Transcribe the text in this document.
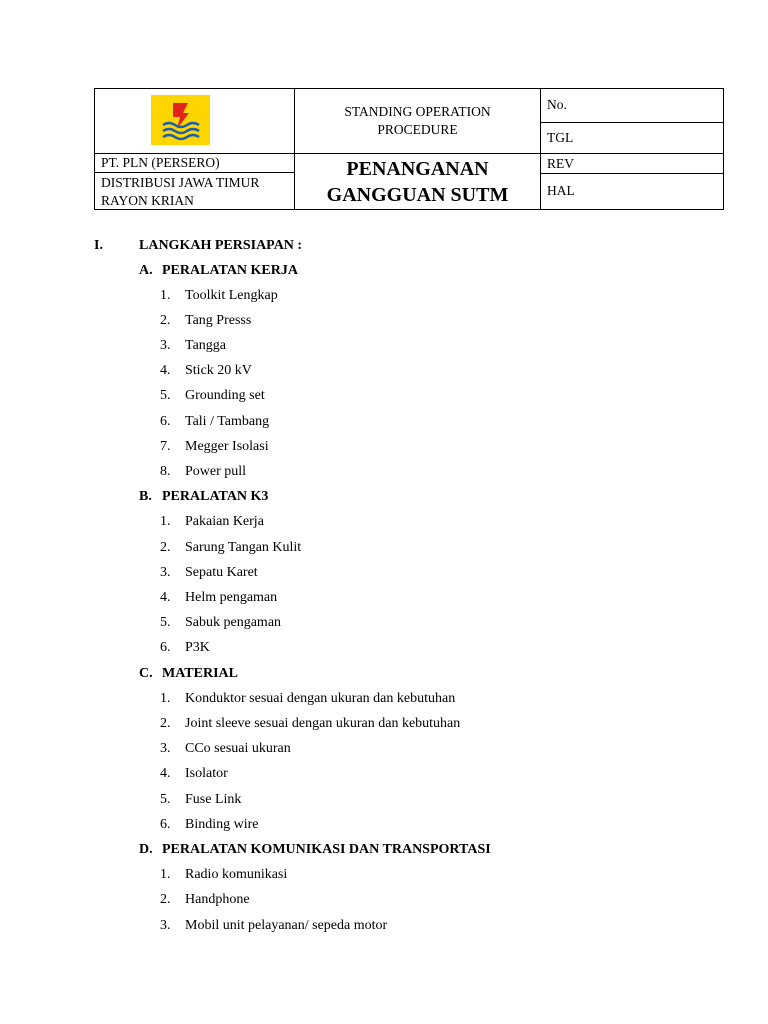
STANDING OPERATION
PROCEDURE
No.
TGL
PT. PLN (PERSERO)
DISTRIBUSI JAWA TIMUR
RAYON KRIAN
PENANGANAN
GANGGUAN SUTM
REV
HAL
I.	LANGKAH PERSIAPAN :
A. PERALATAN KERJA
1. Toolkit Lengkap
2. Tang Presss
3. Tangga
4. Stick 20 kV
5. Grounding set
6. Tali / Tambang
7. Megger Isolasi
8. Power pull
B. PERALATAN K3
1. Pakaian Kerja
2. Sarung Tangan Kulit
3. Sepatu Karet
4. Helm pengaman
5. Sabuk pengaman
6. P3K
C. MATERIAL
1. Konduktor sesuai dengan ukuran dan kebutuhan
2. Joint sleeve sesuai dengan ukuran dan kebutuhan
3. CCo sesuai ukuran
4. Isolator
5. Fuse Link
6. Binding wire
D. PERALATAN KOMUNIKASI DAN TRANSPORTASI
1. Radio komunikasi
2. Handphone
3. Mobil unit pelayanan/ sepeda motor
